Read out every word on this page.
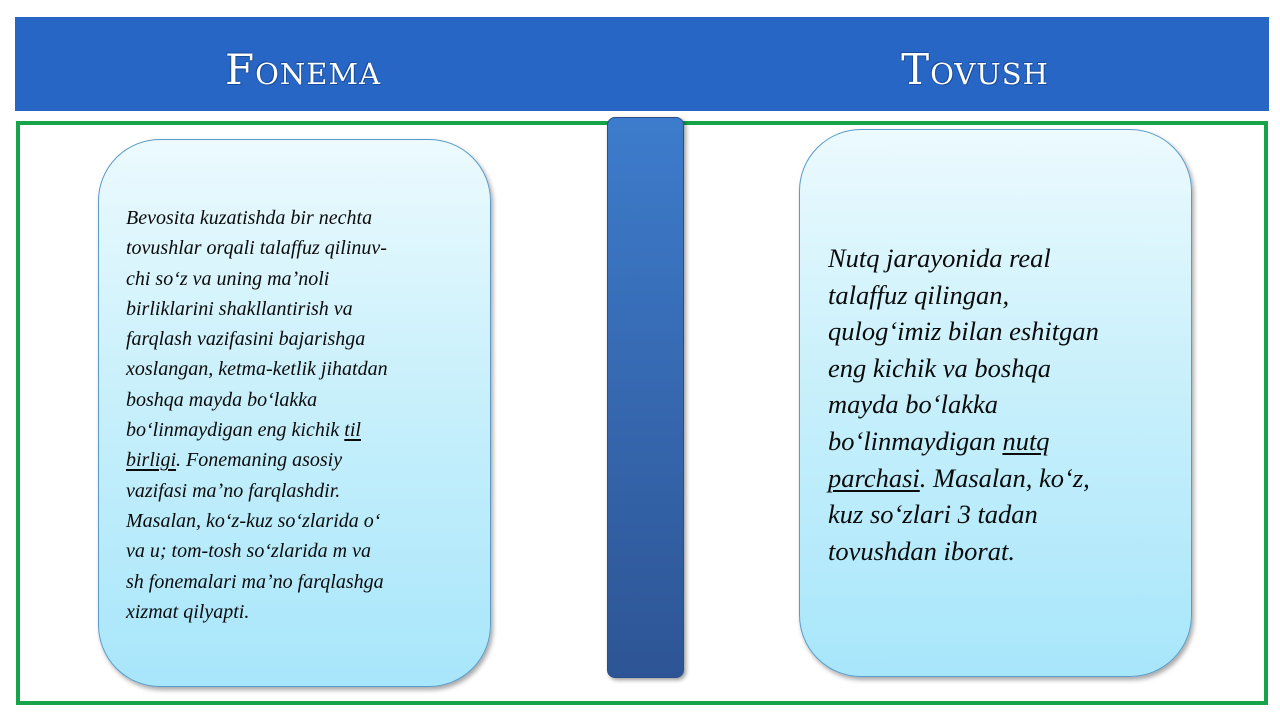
Fonema	Tovush
Bevosita kuzatishda bir nechta
tovushlar orqali talaffuz qilinuv-
chi soʻz va uning maʼnoli
birliklarini shakllantirish va
farqlash vazifasini bajarishga
xoslangan, ketma-ketlik jihatdan
boshqa mayda boʻlakka
boʻlinmaydigan eng kichik til
birligi. Fonemaning asosiy
vazifasi maʼno farqlashdir.
Masalan, koʻz-kuz soʻzlarida oʻ
va u; tom-tosh soʻzlarida m va
sh fonemalari maʼno farqlashga
xizmat qilyapti.
Nutq jarayonida real
talaffuz qilingan,
qulogʻimiz bilan eshitgan
eng kichik va boshqa
mayda boʻlakka
boʻlinmaydigan nutq
parchasi. Masalan, koʻz,
kuz soʻzlari 3 tadan
tovushdan iborat.
